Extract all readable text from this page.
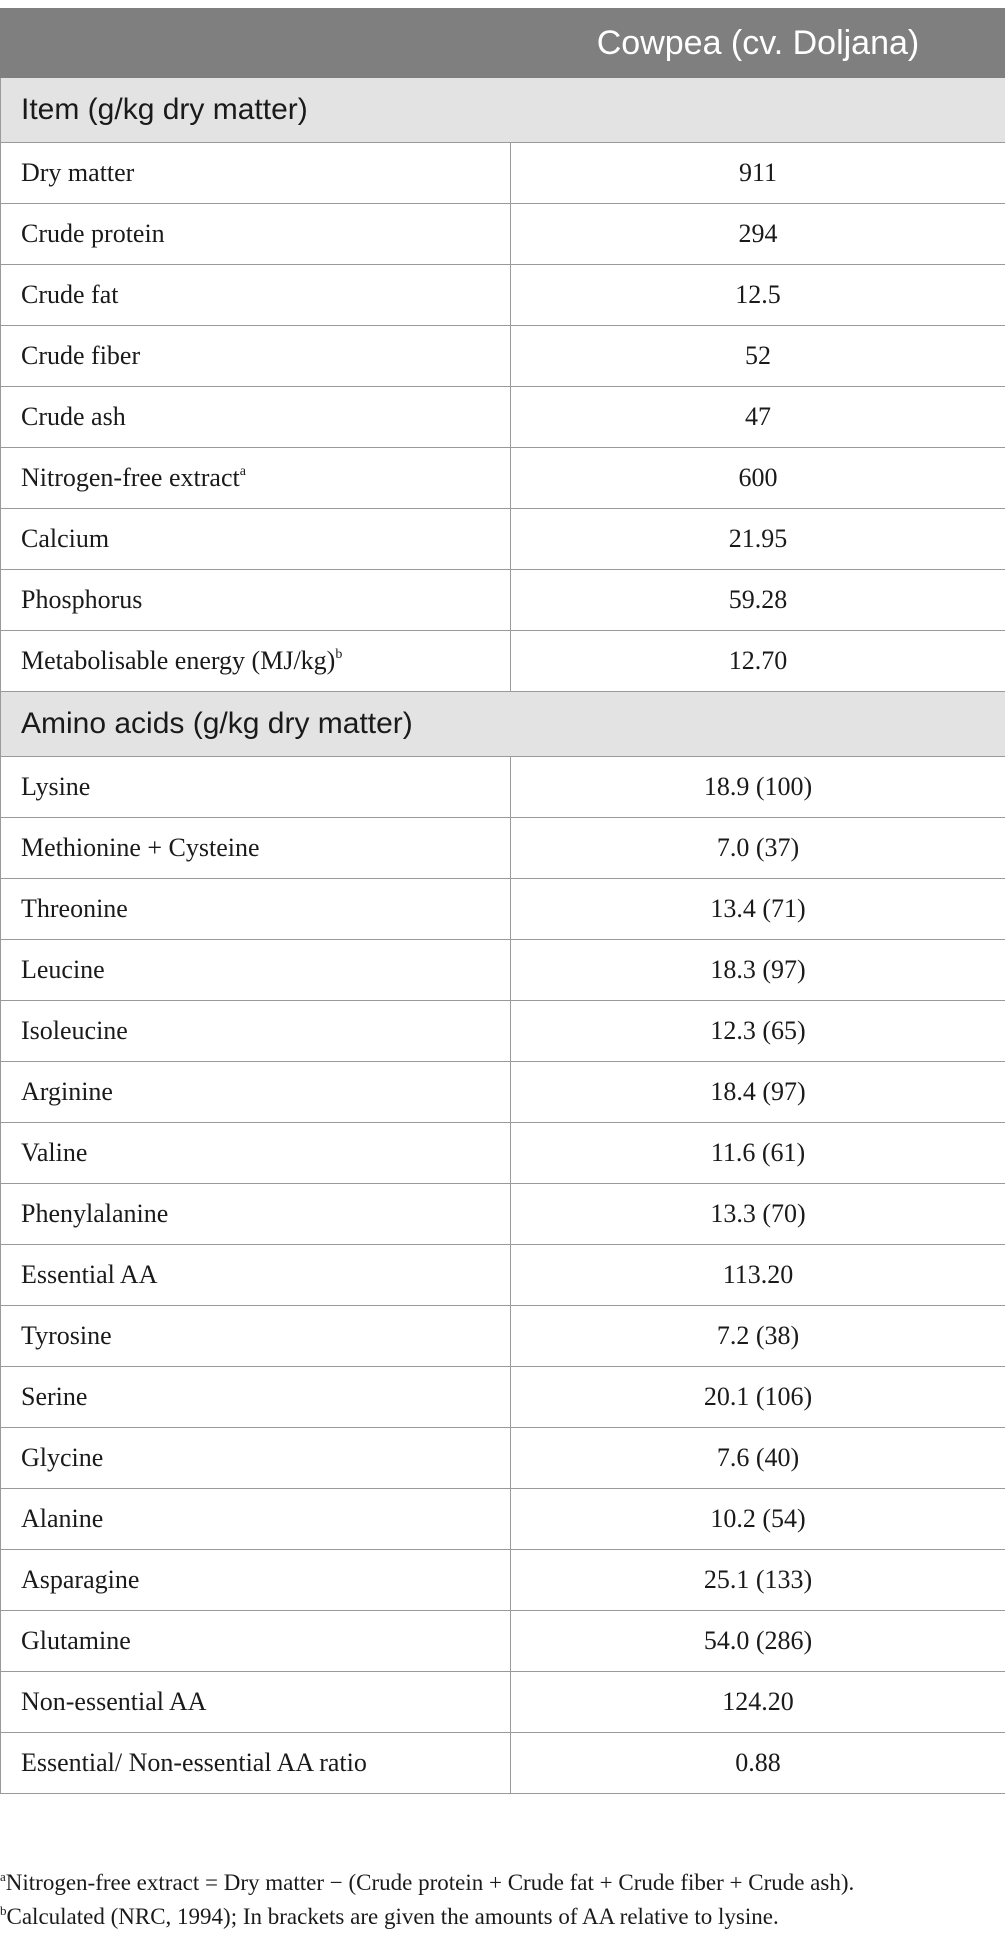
	Cowpea (cv. Doljana)
Item (g/kg dry matter)	
Dry matter	911
Crude protein	294
Crude fat	12.5
Crude fiber	52
Crude ash	47
Nitrogen-free extract$^a$	600
Calcium	21.95
Phosphorus	59.28
Metabolisable energy $(MJ/kg)^b$	12.70
Amino acids (g/kg dry matter)	
Lysine	18.9 (100)
Methionine + Cysteine	7.0 (37)
Threonine	13.4 (71)
Leucine	18.3 (97)
Isoleucine	12.3 (65)
Arginine	18.4 (97)
Valine	11.6 (61)
Phenylalanine	13.3 (70)
Essential AA	113.20
Tyrosine	7.2 (38)
Serine	20.1 (106)
Glycine	7.6 (40)
Alanine	10.2 (54)
Asparagine	25.1 (133)
Glutamine	54.0 (286)
Non-essential AA	124.20
Essential/ Non-essential AA ratio	0.88

$^a$Nitrogen-free extract = Dry matter − (Crude protein + Crude fat + Crude fiber + Crude ash).

$^b$Calculated (NRC, 1994); In brackets are given the amounts of AA relative to lysine.
